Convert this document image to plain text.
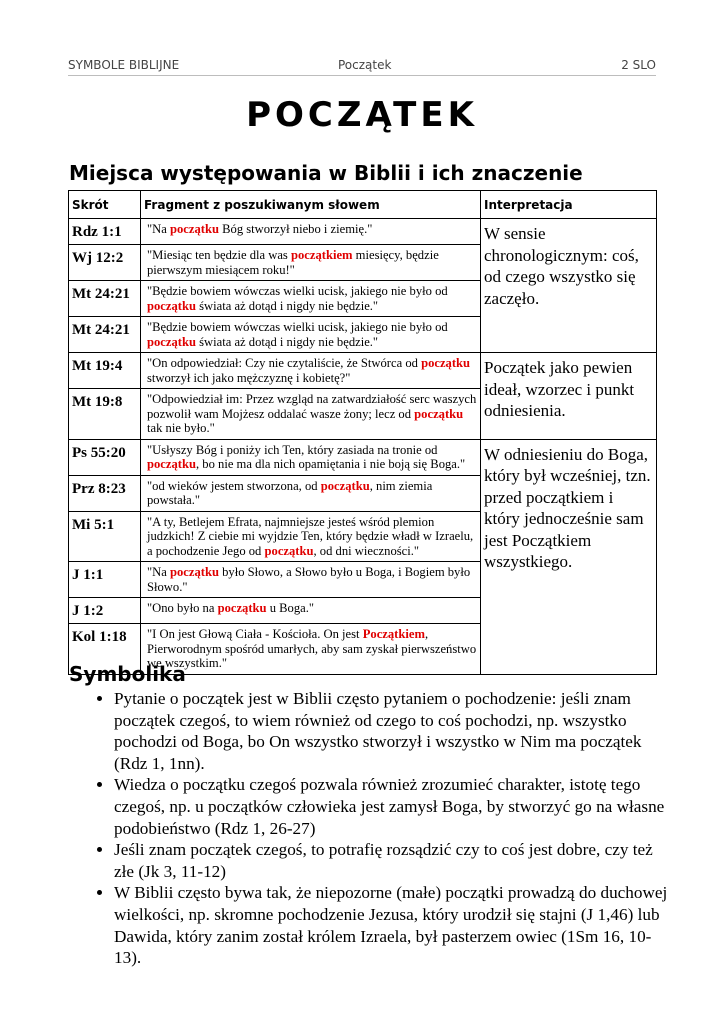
SYMBOLE BIBLIJNE	Początek	2 SLO
POCZĄTEK
Miejsca występowania w Biblii i ich znaczenie
Skrót	Fragment z poszukiwanym słowem	Interpretacja
Rdz 1:1	"Na początku Bóg stworzył niebo i ziemię."	W sensie chronologicznym: coś, od czego wszystko się zaczęło.
Wj 12:2	"Miesiąc ten będzie dla was początkiem miesięcy, będzie pierwszym miesiącem roku!"	
Mt 24:21	"Będzie bowiem wówczas wielki ucisk, jakiego nie było od początku świata aż dotąd i nigdy nie będzie."	
Mt 24:21	"Będzie bowiem wówczas wielki ucisk, jakiego nie było od początku świata aż dotąd i nigdy nie będzie."	
Mt 19:4	"On odpowiedział: Czy nie czytaliście, że Stwórca od początku stworzył ich jako mężczyznę i kobietę?"	Początek jako pewien ideał, wzorzec i punkt odniesienia.
Mt 19:8	"Odpowiedział im: Przez wzgląd na zatwardziałość serc waszych pozwolił wam Mojżesz oddalać wasze żony; lecz od początku tak nie było."	
Ps 55:20	"Usłyszy Bóg i poniży ich Ten, który zasiada na tronie od początku, bo nie ma dla nich opamiętania i nie boją się Boga."	W odniesieniu do Boga, który był wcześniej, tzn. przed początkiem i który jednocześnie sam jest Początkiem wszystkiego.
Prz 8:23	"od wieków jestem stworzona, od początku, nim ziemia powstała."	
Mi 5:1	"A ty, Betlejem Efrata, najmniejsze jesteś wśród plemion judzkich! Z ciebie mi wyjdzie Ten, który będzie władł w Izraelu, a pochodzenie Jego od początku, od dni wieczności."	
J 1:1	"Na początku było Słowo, a Słowo było u Boga, i Bogiem było Słowo."	
J 1:2	"Ono było na początku u Boga."	
Kol 1:18	"I On jest Głową Ciała - Kościoła. On jest Początkiem, Pierworodnym spośród umarłych, aby sam zyskał pierwszeństwo we wszystkim."	
Symbolika
• Pytanie o początek jest w Biblii często pytaniem o pochodzenie: jeśli znam początek czegoś, to wiem również od czego to coś pochodzi, np. wszystko pochodzi od Boga, bo On wszystko stworzył i wszystko w Nim ma początek (Rdz 1, 1nn).
• Wiedza o początku czegoś pozwala również zrozumieć charakter, istotę tego czegoś, np. u początków człowieka jest zamysł Boga, by stworzyć go na własne podobieństwo (Rdz 1, 26-27)
• Jeśli znam początek czegoś, to potrafię rozsądzić czy to coś jest dobre, czy też złe (Jk 3, 11-12)
• W Biblii często bywa tak, że niepozorne (małe) początki prowadzą do duchowej wielkości, np. skromne pochodzenie Jezusa, który urodził się stajni (J 1,46) lub Dawida, który zanim został królem Izraela, był pasterzem owiec (1Sm 16, 10-13).
